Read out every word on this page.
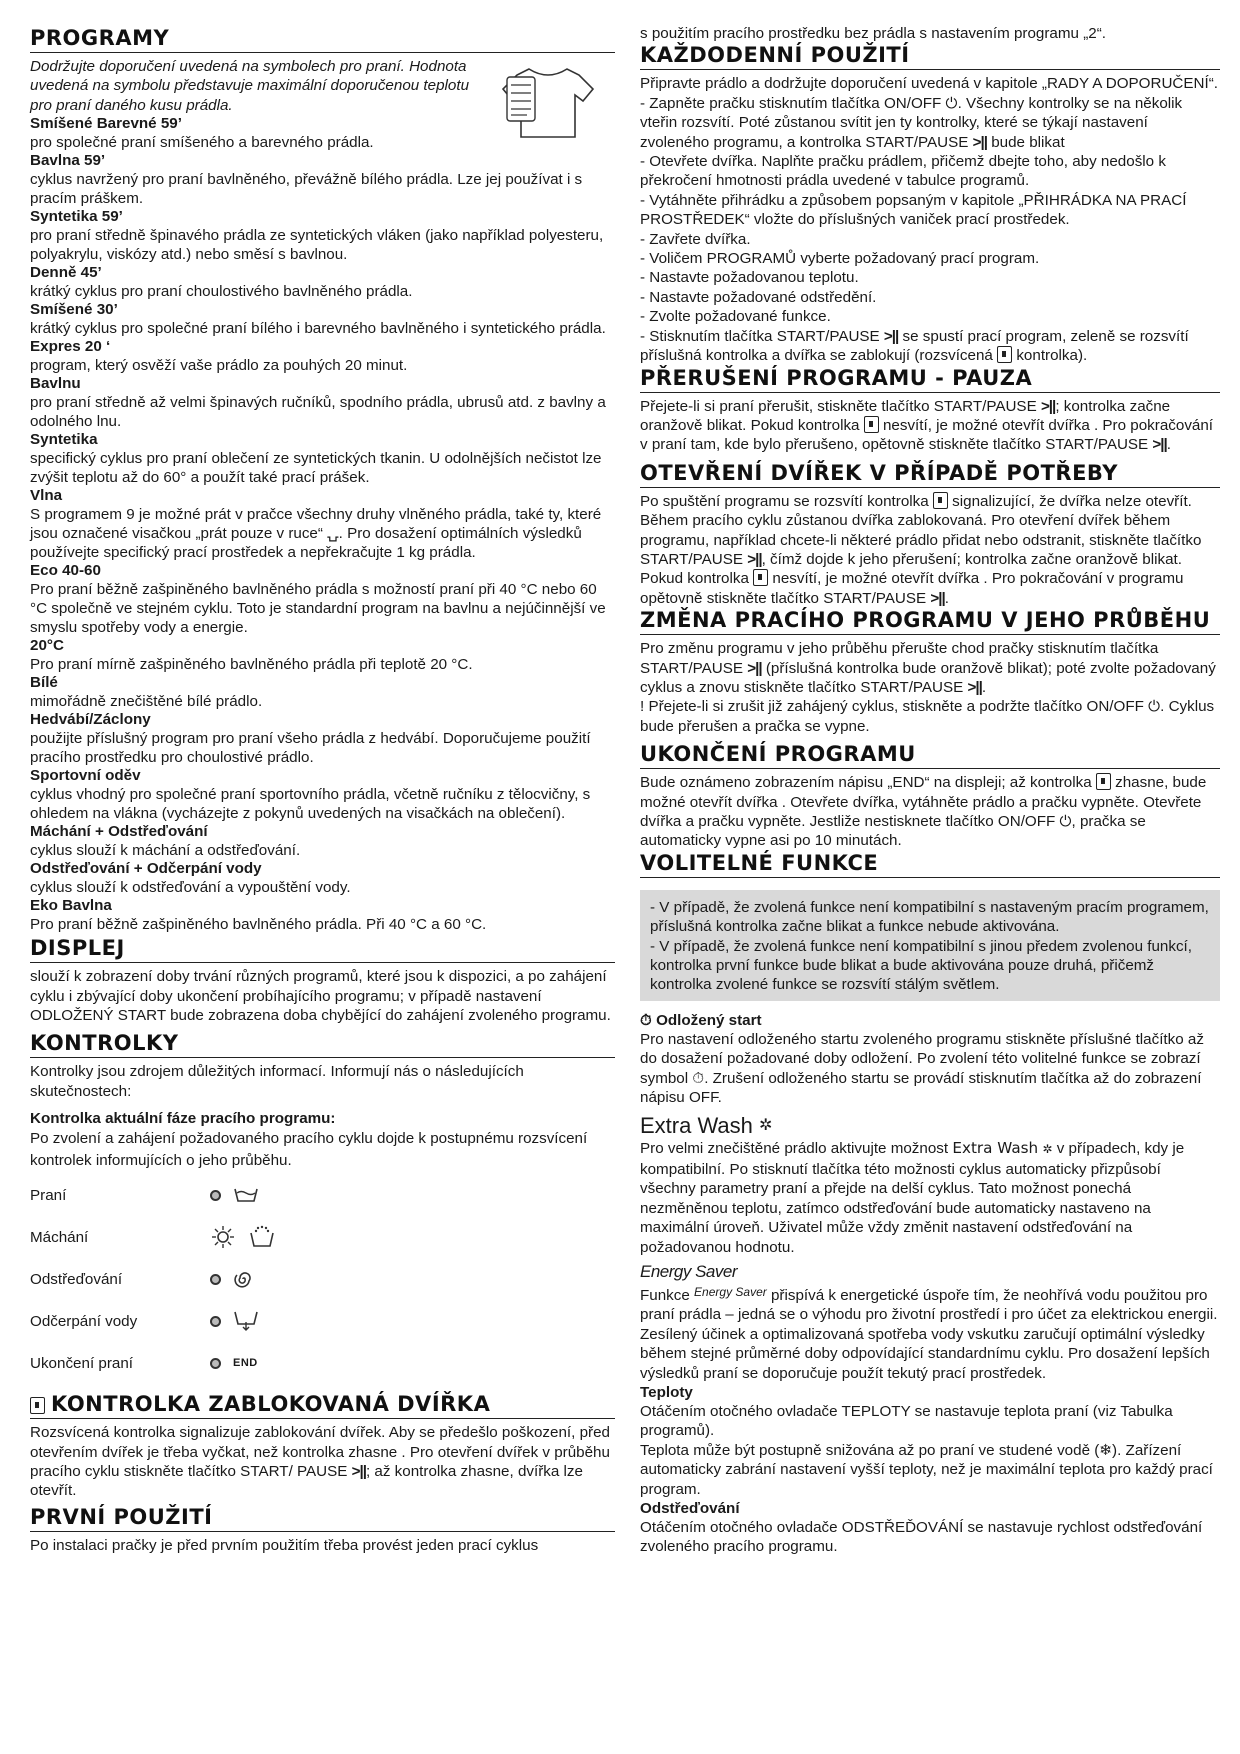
PROGRAMY

Dodržujte doporučení uvedená na symbolech pro praní. Hodnota uvedená na symbolu představuje maximální doporučenou teplotu pro praní daného kusu prádla.

Smíšené Barevné 59’
pro společné praní smíšeného a barevného prádla.
Bavlna 59’
cyklus navržený pro praní bavlněného, převážně bílého prádla. Lze jej používat i s pracím práškem.
Syntetika 59’
pro praní středně špinavého prádla ze syntetických vláken (jako například polyesteru, polyakrylu, viskózy atd.) nebo směsí s bavlnou.
Denně 45’
krátký cyklus pro praní choulostivého bavlněného prádla.
Smíšené 30’
krátký cyklus pro společné praní bílého i barevného bavlněného i syntetického prádla.
Expres 20 ‘
program, který osvěží vaše prádlo za pouhých 20 minut.
Bavlnu
pro praní středně až velmi špinavých ručníků, spodního prádla, ubrusů atd. z bavlny a odolného lnu.
Syntetika
specifický cyklus pro praní oblečení ze syntetických tkanin. U odolnějších nečistot lze zvýšit teplotu až do 60° a použít také prací prášek.
Vlna
S programem 9 je možné prát v pračce všechny druhy vlněného prádla, také ty, které jsou označené visačkou „prát pouze v ruce“ ⍽. Pro dosažení optimálních výsledků používejte specifický prací prostředek a nepřekračujte 1 kg prádla.
Eco 40-60
Pro praní běžně zašpiněného bavlněného prádla s možností praní při 40 °C nebo 60 °C společně ve stejném cyklu. Toto je standardní program na bavlnu a nejúčinnější ve smyslu spotřeby vody a energie.
20°C
Pro praní mírně zašpiněného bavlněného prádla při teplotě 20 °C.
Bílé
mimořádně znečištěné bílé prádlo.
Hedvábí/Záclony
použijte příslušný program pro praní všeho prádla z hedvábí. Doporučujeme použití pracího prostředku pro choulostivé prádlo.
Sportovní oděv
cyklus vhodný pro společné praní sportovního prádla, včetně ručníku z tělocvičny, s ohledem na vlákna (vycházejte z pokynů uvedených na visačkách na oblečení).
Máchání + Odstřeďování
cyklus slouží k máchání a odstřeďování.
Odstřeďování + Odčerpání vody
cyklus slouží k odstřeďování a vypouštění vody.
Eko Bavlna
Pro praní běžně zašpiněného bavlněného prádla. Při 40 °C a 60 °C.
DISPLEJ

slouží k zobrazení doby trvání různých programů, které jsou k dispozici, a po zahájení cyklu i zbývající doby ukončení probíhajícího programu; v případě nastavení ODLOŽENÝ START bude zobrazena doba chybějící do zahájení zvoleného programu.

KONTROLKY

Kontrolky jsou zdrojem důležitých informací. Informují nás o následujících skutečnostech:

Kontrolka aktuální fáze pracího programu:

Po zvolení a zahájení požadovaného pracího cyklu dojde k postupnému rozsvícení kontrolek informujících o jeho průběhu.

Praní
Máchání
Odstřeďování
Odčerpání vody
Ukončení praní	END
KONTROLKA ZABLOKOVANÁ DVÍŘKA

Rozsvícená kontrolka signalizuje zablokování dvířek. Aby se předešlo poškození, před otevřením dvířek je třeba vyčkat, než kontrolka zhasne . Pro otevření dvířek v průběhu pracího cyklu stiskněte tlačítko START/ PAUSE >||; až kontrolka zhasne, dvířka lze otevřít.

PRVNÍ POUŽITÍ

Po instalaci pračky je před prvním použitím třeba provést jeden prací cyklus

s použitím pracího prostředku bez prádla s nastavením programu „2“.

KAŽDODENNÍ POUŽITÍ

Připravte prádlo a dodržujte doporučení uvedená v kapitole „RADY A DOPORUČENÍ“.

- Zapněte pračku stisknutím tlačítka ON/OFF ⏻. Všechny kontrolky se na několik vteřin rozsvítí. Poté zůstanou svítit jen ty kontrolky, které se týkají nastavení zvoleného programu, a kontrolka START/PAUSE >|| bude blikat

- Otevřete dvířka. Naplňte pračku prádlem, přičemž dbejte toho, aby nedošlo k překročení hmotnosti prádla uvedené v tabulce programů.

- Vytáhněte přihrádku a způsobem popsaným v kapitole „PŘIHRÁDKA NA PRACÍ PROSTŘEDEK“ vložte do příslušných vaniček prací prostředek.

- Zavřete dvířka.

- Voličem PROGRAMŮ vyberte požadovaný prací program.

- Nastavte požadovanou teplotu.

- Nastavte požadované odstředění.

- Zvolte požadované funkce.

- Stisknutím tlačítka START/PAUSE >|| se spustí prací program, zeleně se rozsvítí příslušná kontrolka a dvířka se zablokují (rozsvícená kontrolka).

PŘERUŠENÍ PROGRAMU - PAUZA

Přejete-li si praní přerušit, stiskněte tlačítko START/PAUSE >||; kontrolka začne oranžově blikat. Pokud kontrolka nesvítí, je možné otevřít dvířka . Pro pokračování v praní tam, kde bylo přerušeno, opětovně stiskněte tlačítko START/PAUSE >||.

OTEVŘENÍ DVÍŘEK V PŘÍPADĚ POTŘEBY

Po spuštění programu se rozsvítí kontrolka signalizující, že dvířka nelze otevřít. Během pracího cyklu zůstanou dvířka zablokovaná. Pro otevření dvířek během programu, například chcete-li některé prádlo přidat nebo odstranit, stiskněte tlačítko START/PAUSE >||, čímž dojde k jeho přerušení; kontrolka začne oranžově blikat. Pokud kontrolka nesvítí, je možné otevřít dvířka . Pro pokračování v programu opětovně stiskněte tlačítko START/PAUSE >||.

ZMĚNA PRACÍHO PROGRAMU V JEHO PRŮBĚHU

Pro změnu programu v jeho průběhu přerušte chod pračky stisknutím tlačítka START/PAUSE >|| (příslušná kontrolka bude oranžově blikat); poté zvolte požadovaný cyklus a znovu stiskněte tlačítko START/PAUSE >||.
! Přejete-li si zrušit již zahájený cyklus, stiskněte a podržte tlačítko ON/OFF ⏻. Cyklus bude přerušen a pračka se vypne.

UKONČENÍ PROGRAMU

Bude oznámeno zobrazením nápisu „END“ na displeji; až kontrolka zhasne, bude možné otevřít dvířka . Otevřete dvířka, vytáhněte prádlo a pračku vypněte. Otevřete dvířka a pračku vypněte. Jestliže nestisknete tlačítko ON/OFF ⏻, pračka se automaticky vypne asi po 10 minutách.

VOLITELNÉ FUNKCE
- V případě, že zvolená funkce není kompatibilní s nastaveným pracím programem, příslušná kontrolka začne blikat a funkce nebude aktivována.
- V případě, že zvolená funkce není kompatibilní s jinou předem zvolenou funkcí, kontrolka první funkce bude blikat a bude aktivována pouze druhá, přičemž kontrolka zvolené funkce se rozsvítí stálým světlem.
⏱ Odložený start

Pro nastavení odloženého startu zvoleného programu stiskněte příslušné tlačítko až do dosažení požadované doby odložení. Po zvolení této volitelné funkce se zobrazí symbol ⏱. Zrušení odloženého startu se provádí stisknutím tlačítka až do zobrazení nápisu OFF.

Extra Wash ✲

Pro velmi znečištěné prádlo aktivujte možnost Extra Wash ✲ v případech, kdy je kompatibilní. Po stisknutí tlačítka této možnosti cyklus automaticky přizpůsobí všechny parametry praní a přejde na delší cyklus. Tato možnost ponechá nezměněnou teplotu, zatímco odstřeďování bude automaticky nastaveno na maximální úroveň. Uživatel může vždy změnit nastavení odstřeďování na požadovanou hodnotu.

Energy Saver

Funkce $^{Energy Saver}$ přispívá k energetické úspoře tím, že neohřívá vodu použitou pro praní prádla – jedná se o výhodu pro životní prostředí i pro účet za elektrickou energii. Zesílený účinek a optimalizovaná spotřeba vody vskutku zaručují optimální výsledky během stejné průměrné doby odpovídající standardnímu cyklu. Pro dosažení lepších výsledků praní se doporučuje použít tekutý prací prostředek.

Teploty

Otáčením otočného ovladače TEPLOTY se nastavuje teplota praní (viz Tabulka programů).
Teplota může být postupně snižována až po praní ve studené vodě (❄). Zařízení automaticky zabrání nastavení vyšší teploty, než je maximální teplota pro každý prací program.

Odstřeďování

Otáčením otočného ovladače ODSTŘEĎOVÁNÍ se nastavuje rychlost odstřeďování zvoleného pracího programu.
